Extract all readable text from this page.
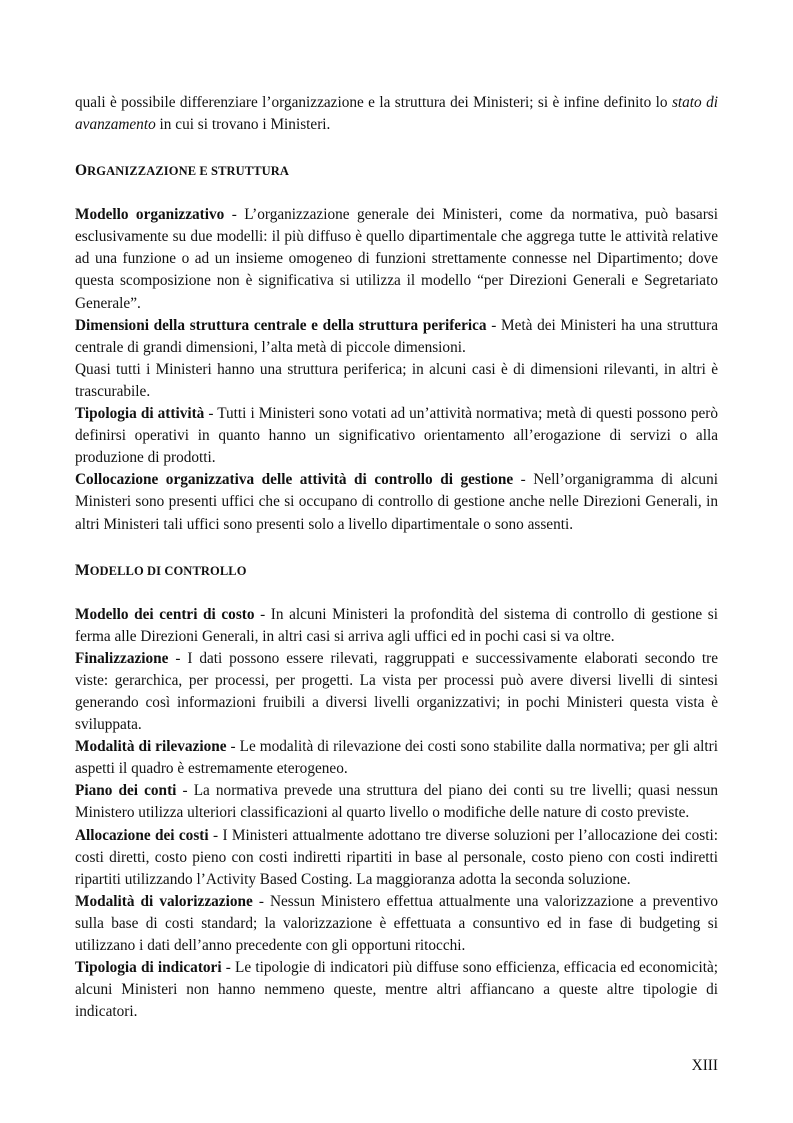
quali è possibile differenziare l’organizzazione e la struttura dei Ministeri; si è infine definito lo stato di avanzamento in cui si trovano i Ministeri.

ORGANIZZAZIONE E STRUTTURA

Modello organizzativo - L’organizzazione generale dei Ministeri, come da normativa, può basarsi esclusivamente su due modelli: il più diffuso è quello dipartimentale che aggrega tutte le attività relative ad una funzione o ad un insieme omogeneo di funzioni strettamente connesse nel Dipartimento; dove questa scomposizione non è significativa si utilizza il modello “per Direzioni Generali e Segretariato Generale”.

Dimensioni della struttura centrale e della struttura periferica - Metà dei Ministeri ha una struttura centrale di grandi dimensioni, l’alta metà di piccole dimensioni.

Quasi tutti i Ministeri hanno una struttura periferica; in alcuni casi è di dimensioni rilevanti, in altri è trascurabile.

Tipologia di attività - Tutti i Ministeri sono votati ad un’attività normativa; metà di questi possono però definirsi operativi in quanto hanno un significativo orientamento all’erogazione di servizi o alla produzione di prodotti.

Collocazione organizzativa delle attività di controllo di gestione - Nell’organigramma di alcuni Ministeri sono presenti uffici che si occupano di controllo di gestione anche nelle Direzioni Generali, in altri Ministeri tali uffici sono presenti solo a livello dipartimentale o sono assenti.

MODELLO DI CONTROLLO

Modello dei centri di costo - In alcuni Ministeri la profondità del sistema di controllo di gestione si ferma alle Direzioni Generali, in altri casi si arriva agli uffici ed in pochi casi si va oltre.

Finalizzazione - I dati possono essere rilevati, raggruppati e successivamente elaborati secondo tre viste: gerarchica, per processi, per progetti. La vista per processi può avere diversi livelli di sintesi generando così informazioni fruibili a diversi livelli organizzativi; in pochi Ministeri questa vista è sviluppata.

Modalità di rilevazione - Le modalità di rilevazione dei costi sono stabilite dalla normativa; per gli altri aspetti il quadro è estremamente eterogeneo.

Piano dei conti - La normativa prevede una struttura del piano dei conti su tre livelli; quasi nessun Ministero utilizza ulteriori classificazioni al quarto livello o modifiche delle nature di costo previste.

Allocazione dei costi - I Ministeri attualmente adottano tre diverse soluzioni per l’allocazione dei costi: costi diretti, costo pieno con costi indiretti ripartiti in base al personale, costo pieno con costi indiretti ripartiti utilizzando l’Activity Based Costing. La maggioranza adotta la seconda soluzione.

Modalità di valorizzazione - Nessun Ministero effettua attualmente una valorizzazione a preventivo sulla base di costi standard; la valorizzazione è effettuata a consuntivo ed in fase di budgeting si utilizzano i dati dell’anno precedente con gli opportuni ritocchi.

Tipologia di indicatori - Le tipologie di indicatori più diffuse sono efficienza, efficacia ed economicità; alcuni Ministeri non hanno nemmeno queste, mentre altri affiancano a queste altre tipologie di indicatori.

XIII
